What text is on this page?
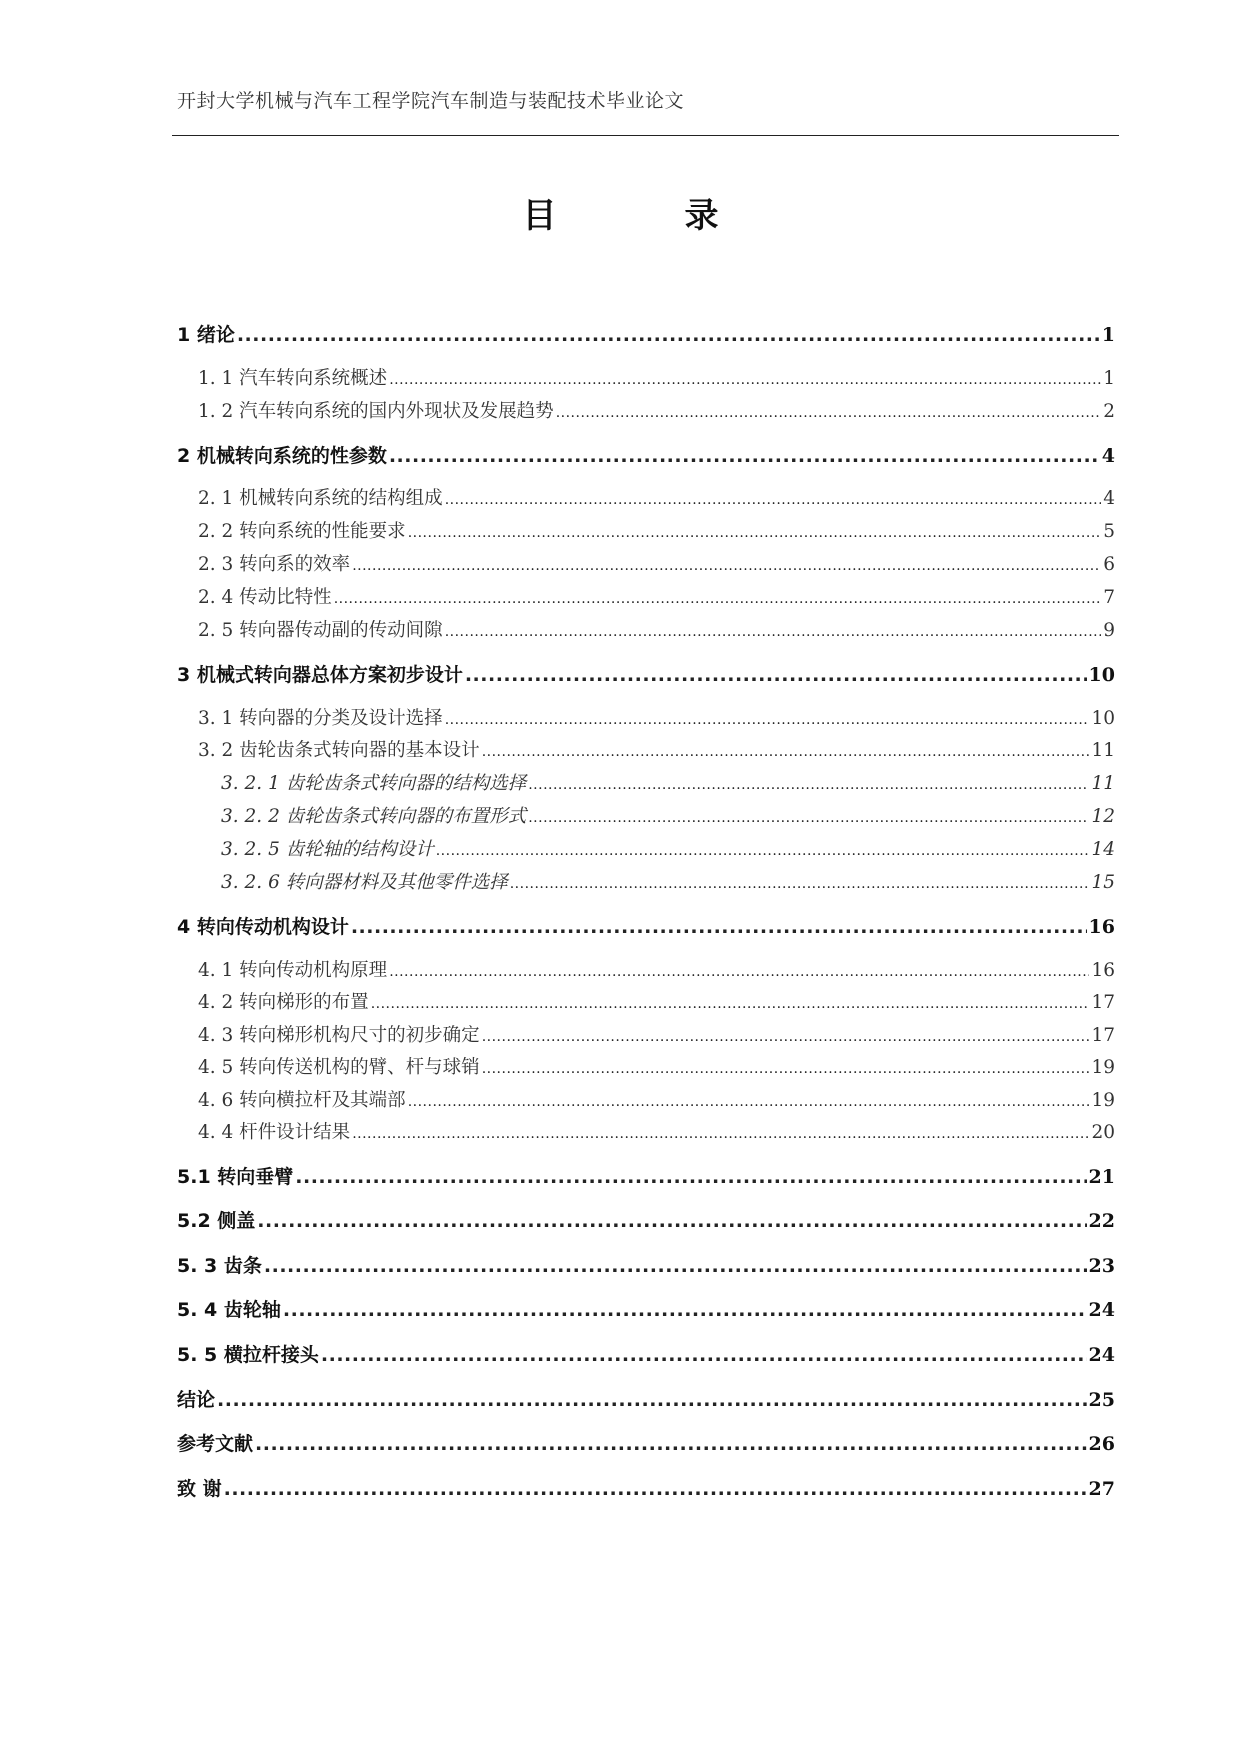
开封大学机械与汽车工程学院汽车制造与装配技术毕业论文
目录
1 绪论 .....	1
1. 1 汽车转向系统概述 .....	1
1. 2 汽车转向系统的国内外现状及发展趋势 .....	2
2 机械转向系统的性参数 .....	4
2. 1 机械转向系统的结构组成 .....	4
2. 2 转向系统的性能要求 .....	5
2. 3 转向系的效率 .....	6
2. 4 传动比特性 .....	7
2. 5 转向器传动副的传动间隙 .....	9
3 机械式转向器总体方案初步设计 .....	10
3. 1 转向器的分类及设计选择 .....	10
3. 2 齿轮齿条式转向器的基本设计 .....	11
3. 2. 1 齿轮齿条式转向器的结构选择 .....	11
3. 2. 2 齿轮齿条式转向器的布置形式 .....	12
3. 2. 5 齿轮轴的结构设计 .....	14
3. 2. 6 转向器材料及其他零件选择 .....	15
4 转向传动机构设计 .....	16
4. 1 转向传动机构原理 .....	16
4. 2 转向梯形的布置 .....	17
4. 3 转向梯形机构尺寸的初步确定 .....	17
4. 5 转向传送机构的臂、杆与球销 .....	19
4. 6 转向横拉杆及其端部 .....	19
4. 4 杆件设计结果 .....	20
5.1 转向垂臂 .....	21
5.2 侧盖 .....	22
5. 3 齿条 .....	23
5. 4 齿轮轴 .....	24
5. 5 横拉杆接头 .....	24
结论 .....	25
参考文献 .....	26
致 谢 .....	27
